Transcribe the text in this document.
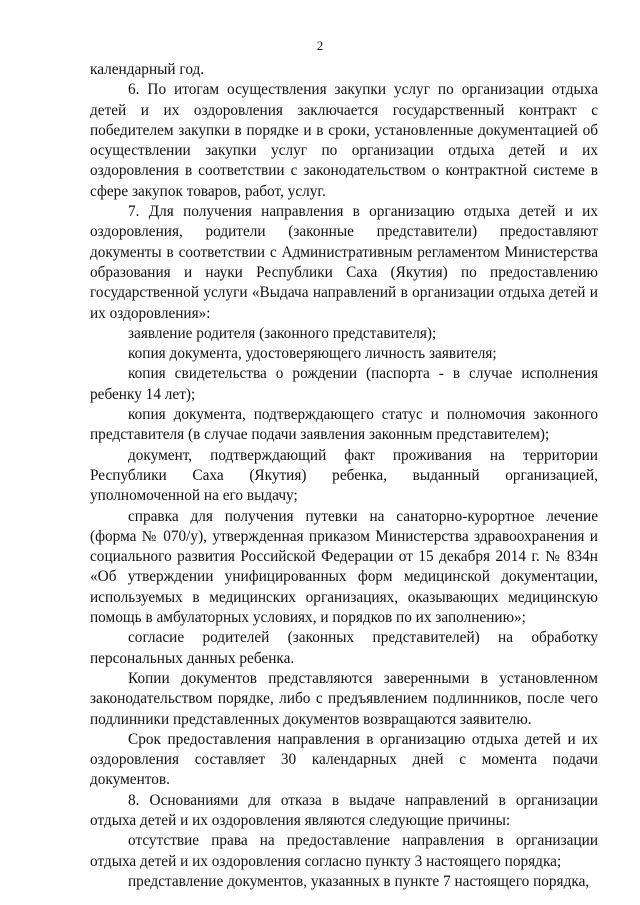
2

календарный год.

6. По итогам осуществления закупки услуг по организации отдыха детей и их оздоровления заключается государственный контракт с победителем закупки в порядке и в сроки, установленные документацией об осуществлении закупки услуг по организации отдыха детей и их оздоровления в соответствии с законодательством о контрактной системе в сфере закупок товаров, работ, услуг.

7. Для получения направления в организацию отдыха детей и их оздоровления, родители (законные представители) предоставляют документы в соответствии с Административным регламентом Министерства образования и науки Республики Саха (Якутия) по предоставлению государственной услуги «Выдача направлений в организации отдыха детей и их оздоровления»:

заявление родителя (законного представителя);

копия документа, удостоверяющего личность заявителя;

копия свидетельства о рождении (паспорта - в случае исполнения ребенку 14 лет);

копия документа, подтверждающего статус и полномочия законного представителя (в случае подачи заявления законным представителем);

документ, подтверждающий факт проживания на территории Республики Саха (Якутия) ребенка, выданный организацией, уполномоченной на его выдачу;

справка для получения путевки на санаторно-курортное лечение (форма № 070/у), утвержденная приказом Министерства здравоохранения и социального развития Российской Федерации от 15 декабря 2014 г. № 834н «Об утверждении унифицированных форм медицинской документации, используемых в медицинских организациях, оказывающих медицинскую помощь в амбулаторных условиях, и порядков по их заполнению»;

согласие родителей (законных представителей) на обработку персональных данных ребенка.

Копии документов представляются заверенными в установленном законодательством порядке, либо с предъявлением подлинников, после чего подлинники представленных документов возвращаются заявителю.

Срок предоставления направления в организацию отдыха детей и их оздоровления составляет 30 календарных дней с момента подачи документов.

8. Основаниями для отказа в выдаче направлений в организации отдыха детей и их оздоровления являются следующие причины:

отсутствие права на предоставление направления в организации отдыха детей и их оздоровления согласно пункту 3 настоящего порядка;

представление документов, указанных в пункте 7 настоящего порядка,
